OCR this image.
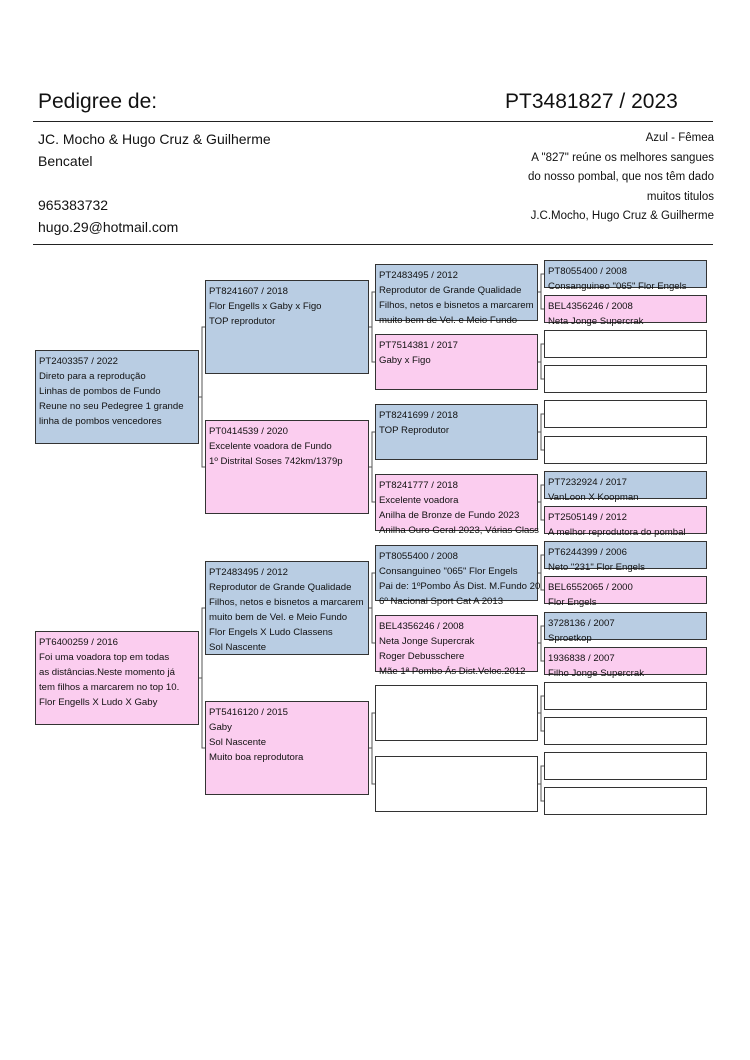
Pedigree de:	PT3481827 / 2023
JC. Mocho & Hugo Cruz & Guilherme
Bencatel
965383732
hugo.29@hotmail.com
Azul - Fêmea
A "827" reúne os melhores sangues
do nosso pombal, que nos têm dado
muitos titulos
J.C.Mocho, Hugo Cruz & Guilherme
PT2403357 / 2022
Direto para a reprodução
Linhas de pombos de Fundo
Reune no seu Pedegree 1 grande
linha de pombos vencedores
PT6400259 / 2016
Foi uma voadora top em todas
as distâncias.Neste momento já
tem filhos a marcarem no top 10.
Flor Engells X Ludo X Gaby
PT8241607 / 2018
Flor Engells x Gaby x Figo
TOP reprodutor
PT0414539 / 2020
Excelente voadora de Fundo
1º Distrital Soses 742km/1379p
PT2483495 / 2012
Reprodutor de Grande Qualidade
Filhos, netos e bisnetos a marcarem
muito bem de Vel. e Meio Fundo
Flor Engels X Ludo Classens
Sol Nascente
PT5416120 / 2015
Gaby
Sol Nascente
Muito boa reprodutora
PT2483495 / 2012
Reprodutor de Grande Qualidade
Filhos, netos e bisnetos a marcarem
muito bem de Vel. e Meio Fundo
PT7514381 / 2017
Gaby x Figo
PT8241699 / 2018
TOP Reprodutor
PT8241777 / 2018
Excelente voadora
Anilha de Bronze de Fundo 2023
Anilha Ouro Geral 2023, Várias Class
PT8055400 / 2008
Consanguineo "065" Flor Engels
Pai de: 1ºPombo Ás Dist. M.Fundo 20
6º Nacional Sport Cat A 2013
BEL4356246 / 2008
Neta Jonge Supercrak
Roger Debusschere
Mãe 1ª Pombo Ás Dist.Veloc.2012
PT8055400 / 2008
Consanguineo "065" Flor Engels
BEL4356246 / 2008
Neta Jonge Supercrak
PT7232924 / 2017
VanLoon X Koopman
PT2505149 / 2012
A melhor reprodutora do pombal
PT6244399 / 2006
Neto "231" Flor Engels
BEL6552065 / 2000
Flor Engels
3728136 / 2007
Sproetkop
1936838 / 2007
Filho Jonge Supercrak
